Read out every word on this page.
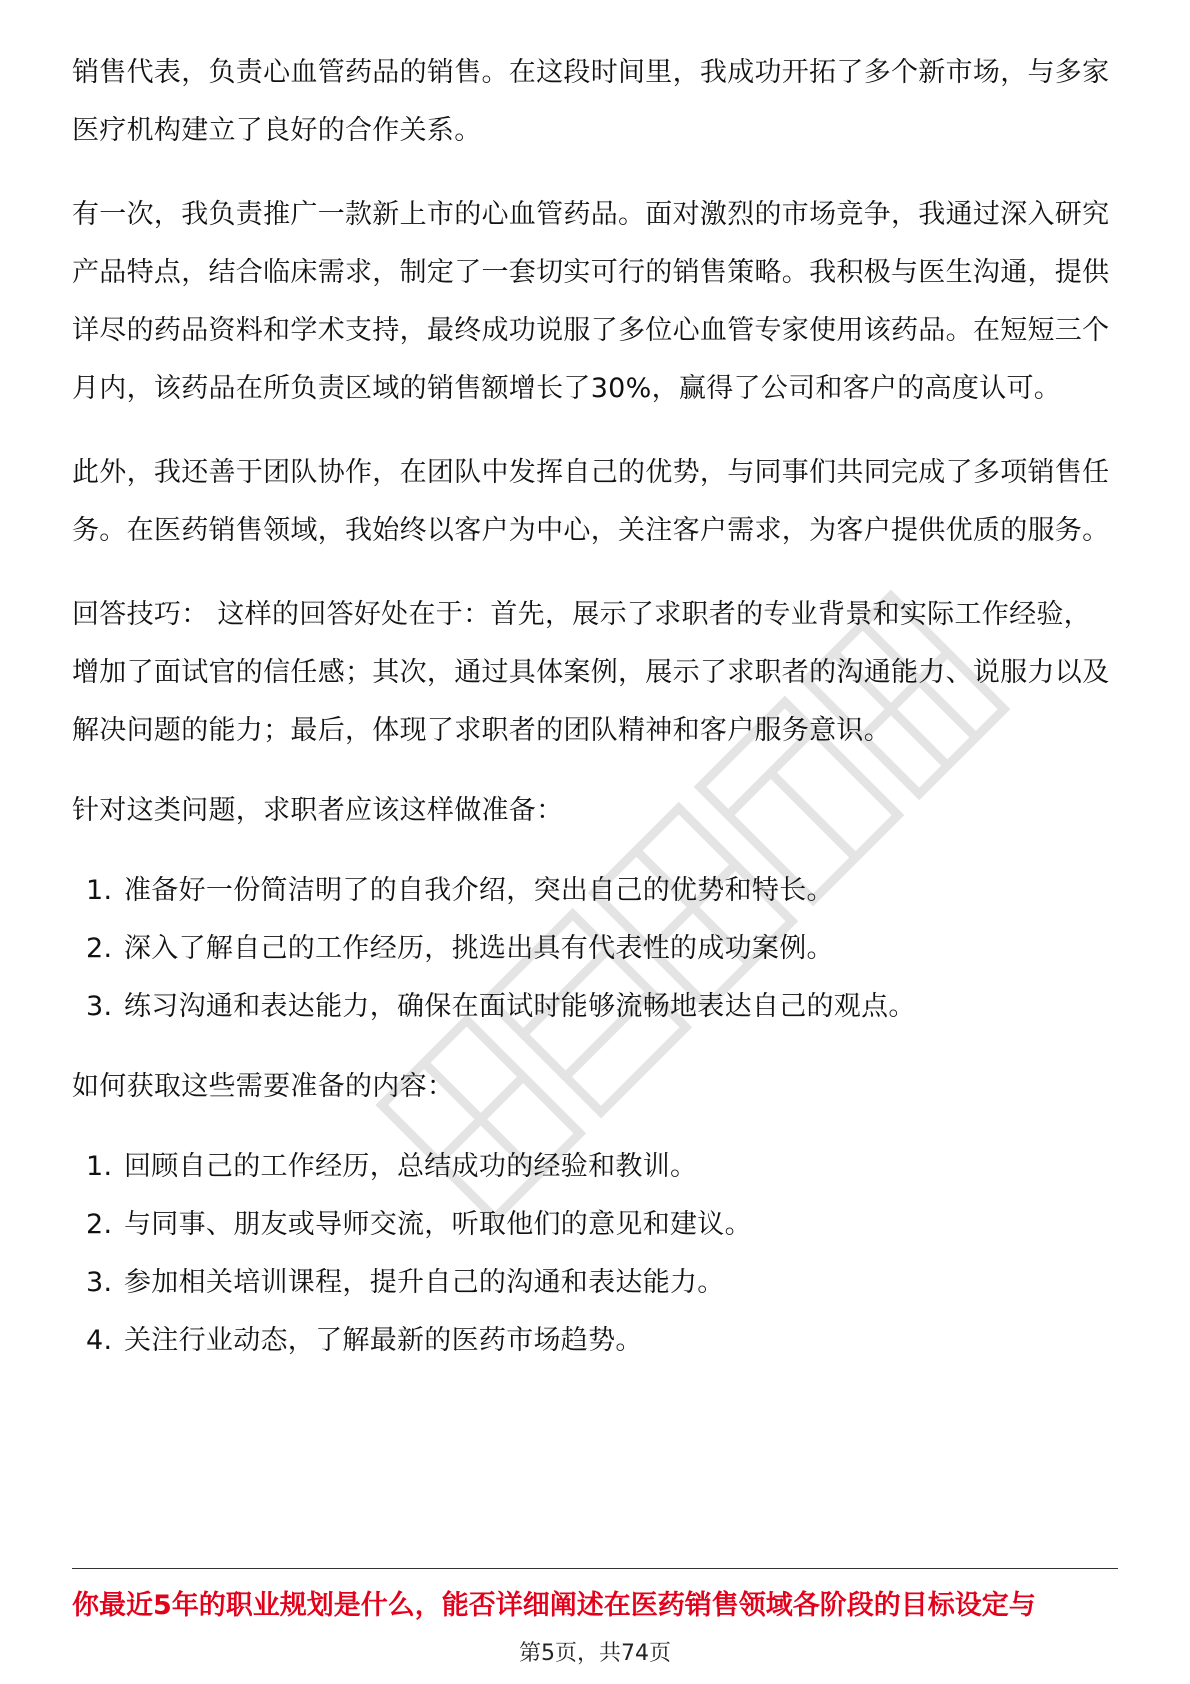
销售代表，负责心血管药品的销售。在这段时间里，我成功开拓了多个新市场，与多家医疗机构建立了良好的合作关系。

有一次，我负责推广一款新上市的心血管药品。面对激烈的市场竞争，我通过深入研究产品特点，结合临床需求，制定了一套切实可行的销售策略。我积极与医生沟通，提供详尽的药品资料和学术支持，最终成功说服了多位心血管专家使用该药品。在短短三个月内，该药品在所负责区域的销售额增长了30%，赢得了公司和客户的高度认可。

此外，我还善于团队协作，在团队中发挥自己的优势，与同事们共同完成了多项销售任务。在医药销售领域，我始终以客户为中心，关注客户需求，为客户提供优质的服务。

回答技巧： 这样的回答好处在于：首先，展示了求职者的专业背景和实际工作经验，增加了面试官的信任感；其次，通过具体案例，展示了求职者的沟通能力、说服力以及解决问题的能力；最后，体现了求职者的团队精神和客户服务意识。

针对这类问题，求职者应该这样做准备：

1. 准备好一份简洁明了的自我介绍，突出自己的优势和特长。
2. 深入了解自己的工作经历，挑选出具有代表性的成功案例。
3. 练习沟通和表达能力，确保在面试时能够流畅地表达自己的观点。

如何获取这些需要准备的内容：

1. 回顾自己的工作经历，总结成功的经验和教训。
2. 与同事、朋友或导师交流，听取他们的意见和建议。
3. 参加相关培训课程，提升自己的沟通和表达能力。
4. 关注行业动态，了解最新的医药市场趋势。
你最近5年的职业规划是什么，能否详细阐述在医药销售领域各阶段的目标设定与
第5页，共74页
